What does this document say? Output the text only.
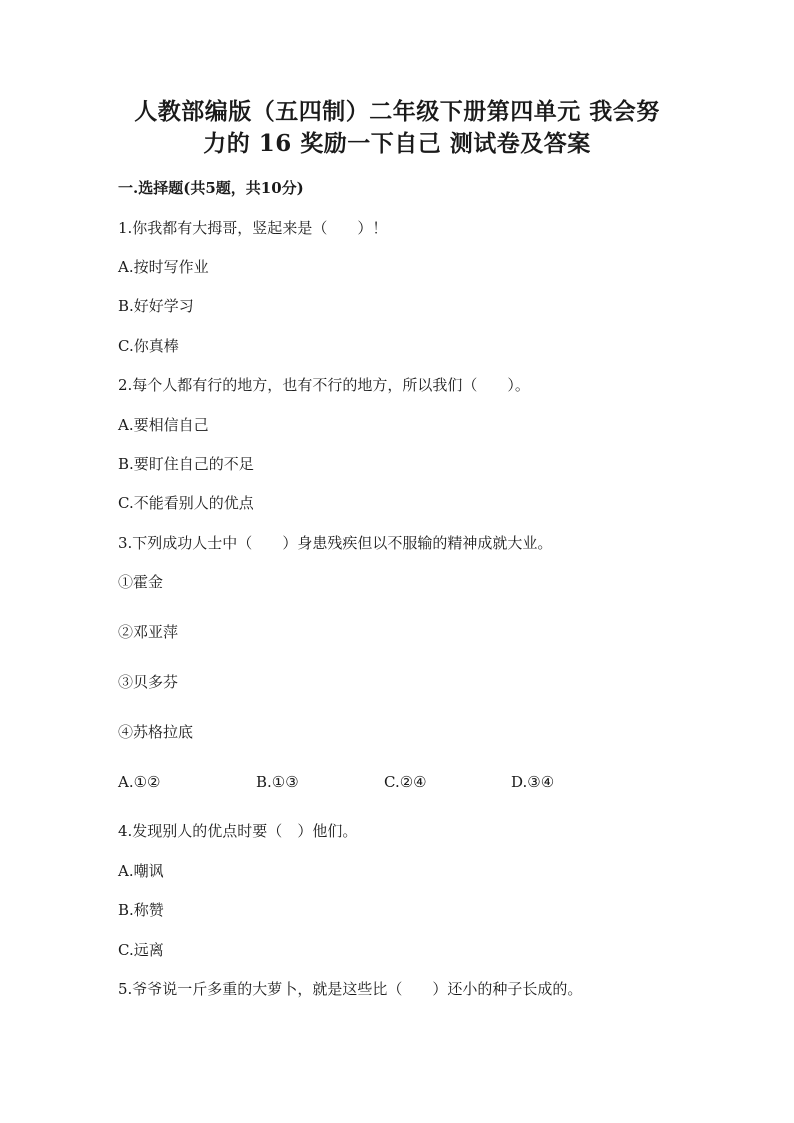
人教部编版（五四制）二年级下册第四单元 我会努
力的 16 奖励一下自己 测试卷及答案
一.选择题(共5题，共10分)
1.你我都有大拇哥，竖起来是（　　）！
A.按时写作业
B.好好学习
C.你真棒
2.每个人都有行的地方，也有不行的地方，所以我们（　　）。
A.要相信自己
B.要盯住自己的不足
C.不能看别人的优点
3.下列成功人士中（　　）身患残疾但以不服输的精神成就大业。
①霍金
②邓亚萍
③贝多芬
④苏格拉底
A.①②	B.①③	C.②④	D.③④
4.发现别人的优点时要（　）他们。
A.嘲讽
B.称赞
C.远离
5.爷爷说一斤多重的大萝卜，就是这些比（　　）还小的种子长成的。
